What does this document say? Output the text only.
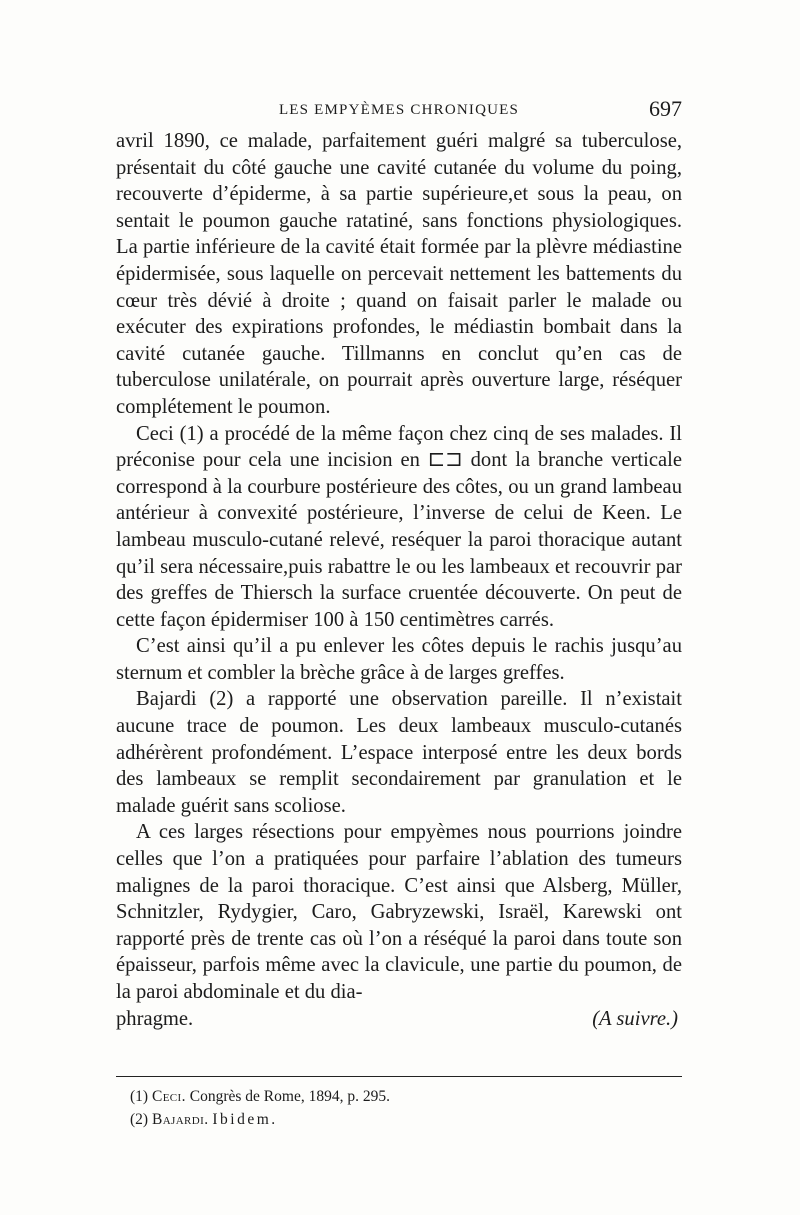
LES EMPYÈMES CHRONIQUES	697

avril 1890, ce malade, parfaitement guéri malgré sa tuberculose, présentait du côté gauche une cavité cutanée du volume du poing, recouverte d’épiderme, à sa partie supérieure,et sous la peau, on sentait le poumon gauche ratatiné, sans fonctions physiologiques. La partie inférieure de la cavité était formée par la plèvre médiastine épidermisée, sous laquelle on percevait nettement les battements du cœur très dévié à droite ; quand on faisait parler le malade ou exécuter des expirations profondes, le médiastin bombait dans la cavité cutanée gauche. Tillmanns en conclut qu’en cas de tuberculose unilatérale, on pourrait après ouverture large, réséquer complétement le poumon.

Ceci (1) a procédé de la même façon chez cinq de ses malades. Il préconise pour cela une incision en ⊏⊐ dont la branche verticale correspond à la courbure postérieure des côtes, ou un grand lambeau antérieur à convexité postérieure, l’inverse de celui de Keen. Le lambeau musculo-cutané relevé, reséquer la paroi thoracique autant qu’il sera nécessaire,puis rabattre le ou les lambeaux et recouvrir par des greffes de Thiersch la surface cruentée découverte. On peut de cette façon épidermiser 100 à 150 centimètres carrés.

C’est ainsi qu’il a pu enlever les côtes depuis le rachis jusqu’au sternum et combler la brèche grâce à de larges greffes.

Bajardi (2) a rapporté une observation pareille. Il n’existait aucune trace de poumon. Les deux lambeaux musculo-cutanés adhérèrent profondément. L’espace interposé entre les deux bords des lambeaux se remplit secondairement par granulation et le malade guérit sans scoliose.

A ces larges résections pour empyèmes nous pourrions joindre celles que l’on a pratiquées pour parfaire l’ablation des tumeurs malignes de la paroi thoracique. C’est ainsi que Alsberg, Müller, Schnitzler, Rydygier, Caro, Gabryzewski, Israël, Karewski ont rapporté près de trente cas où l’on a réséqué la paroi dans toute son épaisseur, parfois même avec la clavicule, une partie du poumon, de la paroi abdominale et du dia-

phragme.	(A suivre.)

(1) Ceci. Congrès de Rome, 1894, p. 295.

(2) Bajardi. Ibidem.
